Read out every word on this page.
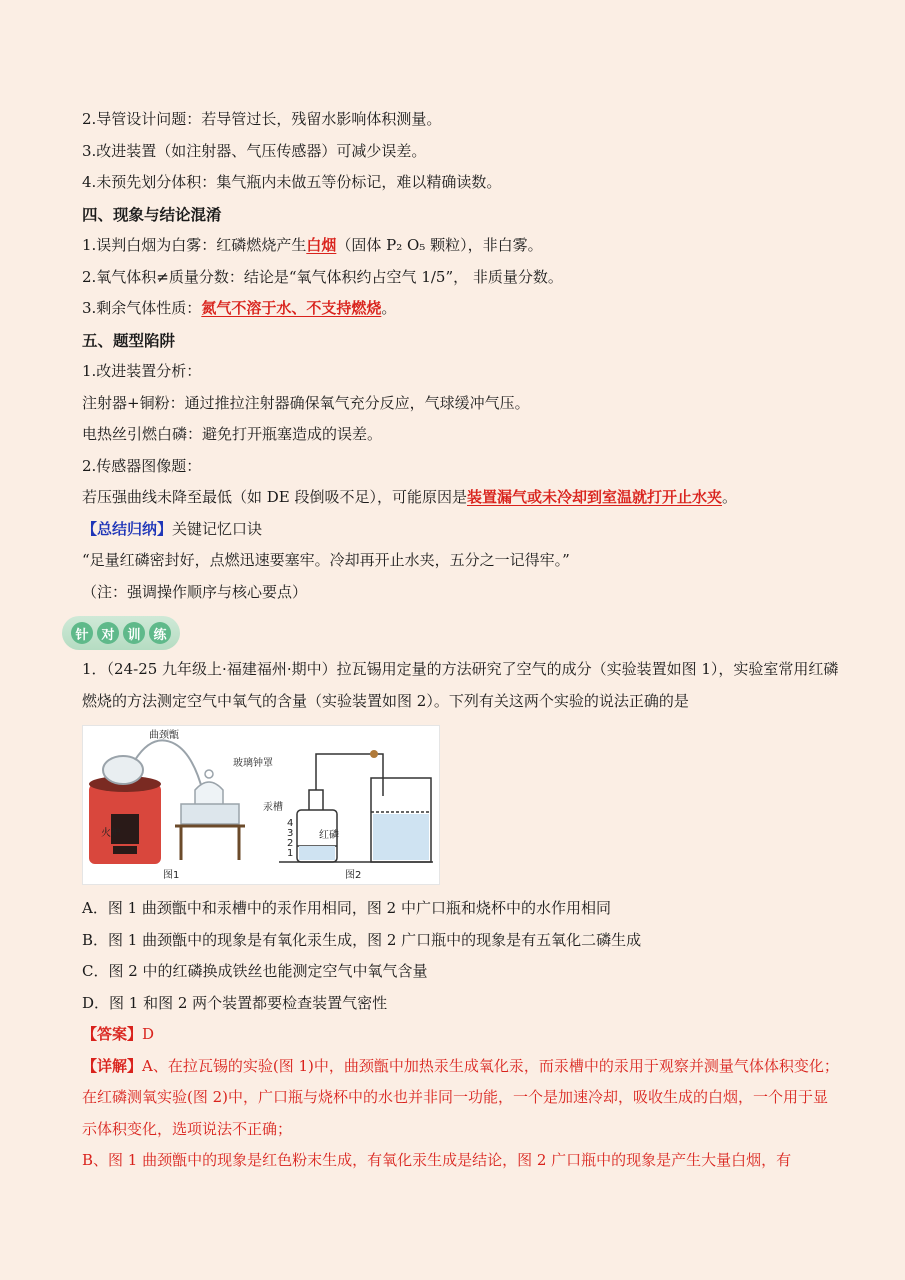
2.导管设计问题：若导管过长，残留水影响体积测量。
3.改进装置（如注射器、气压传感器）可减少误差。
4.未预先划分体积：集气瓶内未做五等份标记，难以精确读数。
四、现象与结论混淆
1.误判白烟为白雾：红磷燃烧产生白烟（固体 P₂ O₅ 颗粒），非白雾。
2.氧气体积≠质量分数：结论是“氧气体积约占空气 1/5”， 非质量分数。
3.剩余气体性质：氮气不溶于水、不支持燃烧。
五、题型陷阱
1.改进装置分析：
注射器+铜粉：通过推拉注射器确保氧气充分反应，气球缓冲气压。
电热丝引燃白磷：避免打开瓶塞造成的误差。
2.传感器图像题：
若压强曲线未降至最低（如 DE 段倒吸不足），可能原因是装置漏气或未冷却到室温就打开止水夹。
【总结归纳】关键记忆口诀
“足量红磷密封好，点燃迅速要塞牢。冷却再开止水夹，五分之一记得牢。”
（注：强调操作顺序与核心要点）
针 对 训 练
1．（24-25 九年级上·福建福州·期中）拉瓦锡用定量的方法研究了空气的成分（实验装置如图 1），实验室常用红磷燃烧的方法测定空气中氧气的含量（实验装置如图 2）。下列有关这两个实验的说法正确的是
火炉
曲颈甑
玻璃钟罩
汞槽
图1
4
3
2
1
红磷
图2
A．图 1 曲颈甑中和汞槽中的汞作用相同，图 2 中广口瓶和烧杯中的水作用相同
B．图 1 曲颈甑中的现象是有氧化汞生成，图 2 广口瓶中的现象是有五氧化二磷生成
C．图 2 中的红磷换成铁丝也能测定空气中氧气含量
D．图 1 和图 2 两个装置都要检查装置气密性
【答案】D
【详解】A、在拉瓦锡的实验(图 1)中，曲颈甑中加热汞生成氧化汞，而汞槽中的汞用于观察并测量气体体积变化；在红磷测氧实验(图 2)中，广口瓶与烧杯中的水也并非同一功能，一个是加速冷却，吸收生成的白烟，一个用于显示体积变化，选项说法不正确；
B、图 1 曲颈甑中的现象是红色粉末生成，有氧化汞生成是结论，图 2 广口瓶中的现象是产生大量白烟，有
